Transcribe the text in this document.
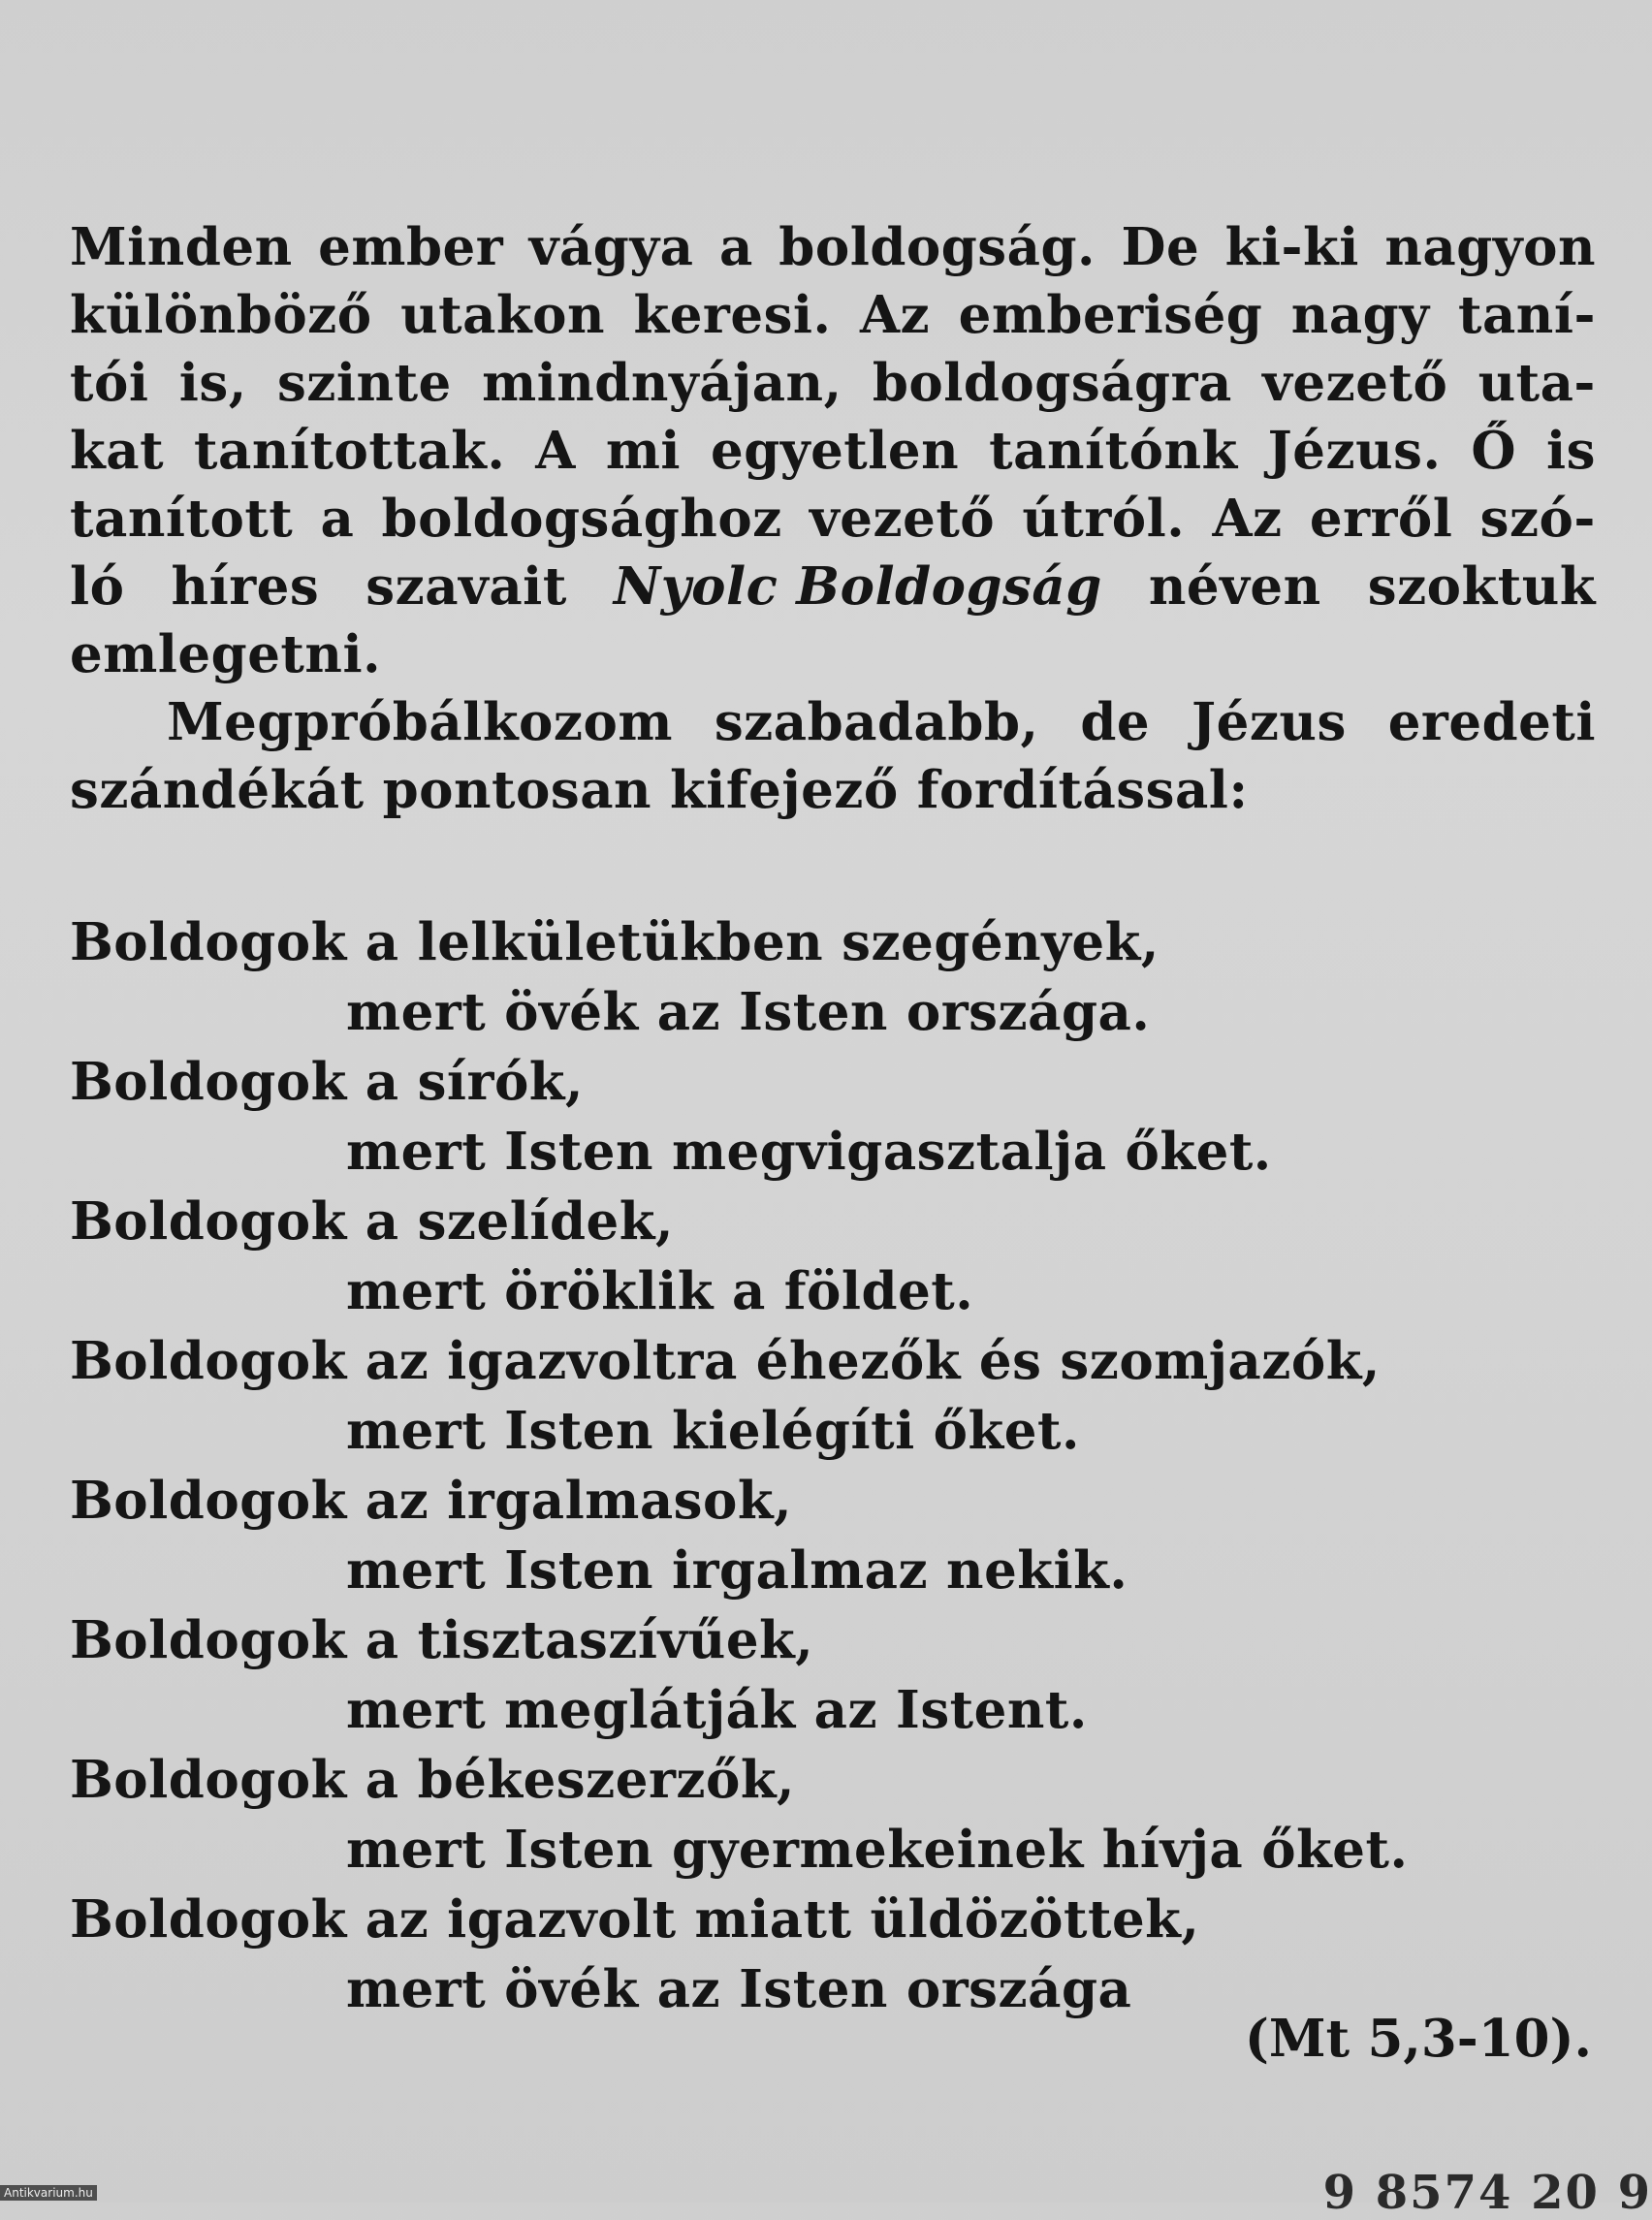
Minden ember vágya a boldogság. De ki-ki nagyon
különböző utakon keresi. Az emberiség nagy taní-
tói is, szinte mindnyájan, boldogságra vezető uta-
kat tanítottak. A mi egyetlen tanítónk Jézus. Ő is
tanított a boldogsághoz vezető útról. Az erről szó-
ló híres szavait Nyolc Boldogság néven szoktuk
emlegetni.
Megpróbálkozom szabadabb, de Jézus eredeti
szándékát pontosan kifejező fordítással:
Boldogok a lelkületükben szegények,
mert övék az Isten országa.
Boldogok a sírók,
mert Isten megvigasztalja őket.
Boldogok a szelídek,
mert öröklik a földet.
Boldogok az igazvoltra éhezők és szomjazók,
mert Isten kielégíti őket.
Boldogok az irgalmasok,
mert Isten irgalmaz nekik.
Boldogok a tisztaszívűek,
mert meglátják az Istent.
Boldogok a békeszerzők,
mert Isten gyermekeinek hívja őket.
Boldogok az igazvolt miatt üldözöttek,
mert övék az Isten országa
(Mt 5,3-10).
9 8574 20 9
Antikvarium.hu
